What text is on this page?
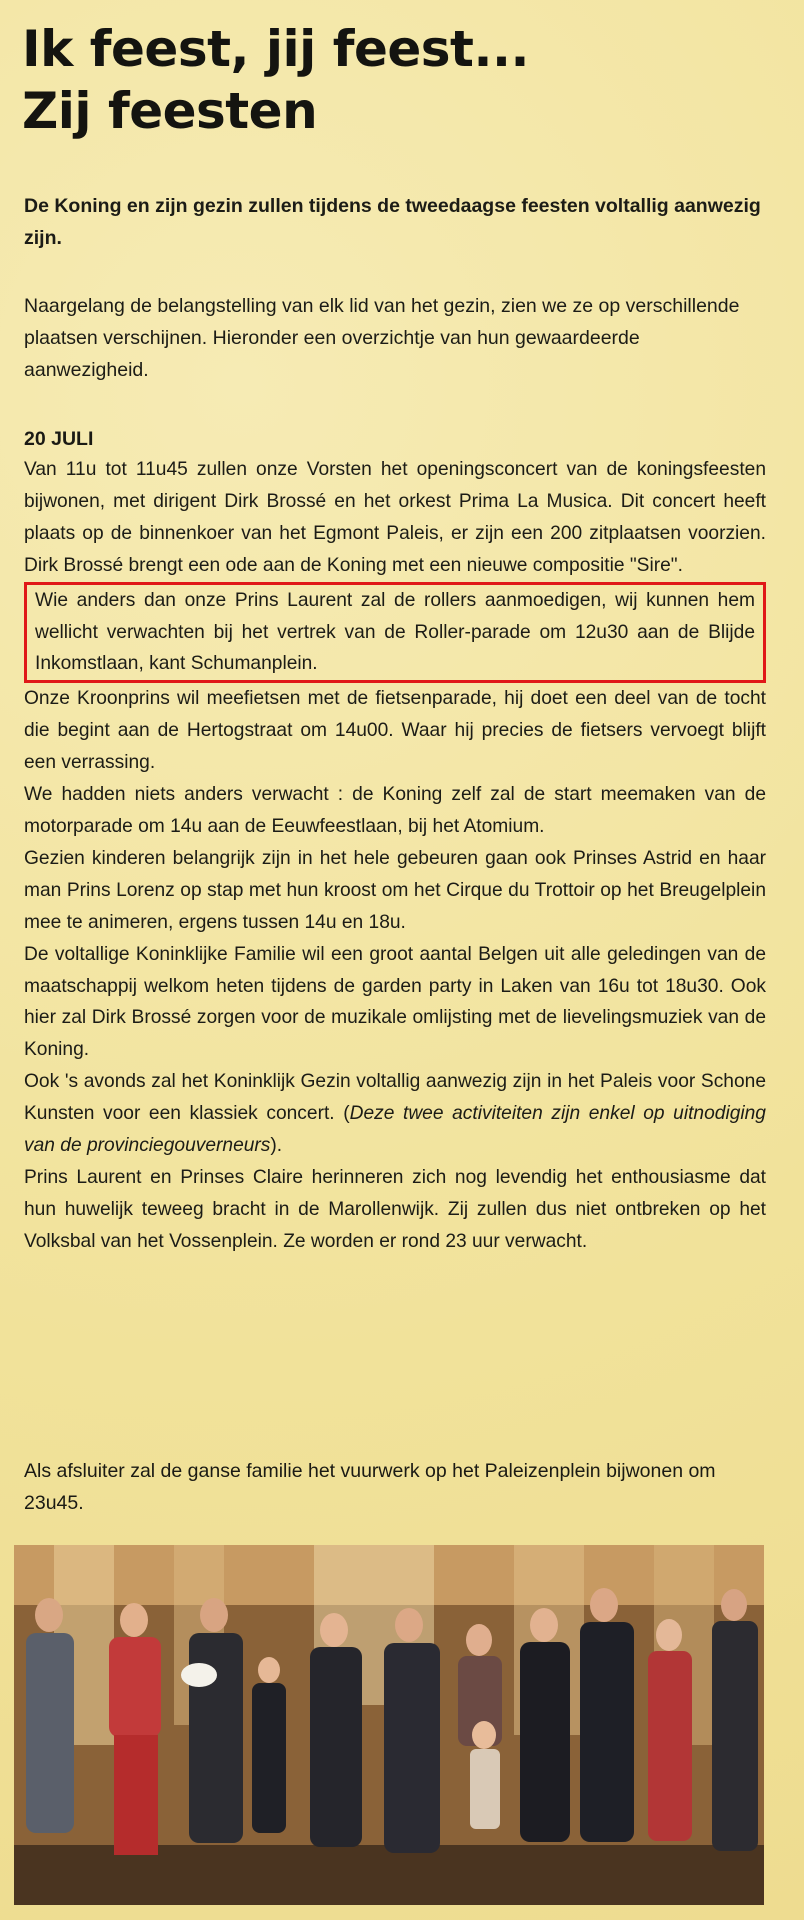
Ik feest, jij feest...
Zij feesten
De Koning en zijn gezin zullen tijdens de tweedaagse feesten voltallig aanwezig zijn.
Naargelang de belangstelling van elk lid van het gezin, zien we ze op verschillende plaatsen verschijnen. Hieronder een overzichtje van hun gewaardeerde aanwezigheid.
20 JULI

Van 11u tot 11u45 zullen onze Vorsten het openingsconcert van de koningsfeesten bijwonen, met dirigent Dirk Brossé en het orkest Prima La Musica. Dit concert heeft plaats op de binnenkoer van het Egmont Paleis, er zijn een 200 zitplaatsen voorzien. Dirk Brossé brengt een ode aan de Koning met een nieuwe compositie "Sire".

Wie anders dan onze Prins Laurent zal de rollers aanmoedigen, wij kunnen hem wellicht verwachten bij het vertrek van de Roller-parade om 12u30 aan de Blijde Inkomstlaan, kant Schumanplein.

Onze Kroonprins wil meefietsen met de fietsenparade, hij doet een deel van de tocht die begint aan de Hertogstraat om 14u00. Waar hij precies de fietsers vervoegt blijft een verrassing.

We hadden niets anders verwacht : de Koning zelf zal de start meemaken van de motorparade om 14u aan de Eeuwfeestlaan, bij het Atomium.

Gezien kinderen belangrijk zijn in het hele gebeuren gaan ook Prinses Astrid en haar man Prins Lorenz op stap met hun kroost om het Cirque du Trottoir op het Breugelplein mee te animeren, ergens tussen 14u en 18u.

De voltallige Koninklijke Familie wil een groot aantal Belgen uit alle geledingen van de maatschappij welkom heten tijdens de garden party in Laken van 16u tot 18u30. Ook hier zal Dirk Brossé zorgen voor de muzikale omlijsting met de lievelingsmuziek van de Koning.

Ook 's avonds zal het Koninklijk Gezin voltallig aanwezig zijn in het Paleis voor Schone Kunsten voor een klassiek concert. (Deze twee activiteiten zijn enkel op uitnodiging van de provinciegouverneurs).

Prins Laurent en Prinses Claire herinneren zich nog levendig het enthousiasme dat hun huwelijk teweeg bracht in de Marollenwijk. Zij zullen dus niet ontbreken op het Volksbal van het Vossenplein. Ze worden er rond 23 uur verwacht.

Als afsluiter zal de ganse familie het vuurwerk op het Paleizenplein bijwonen om 23u45.
